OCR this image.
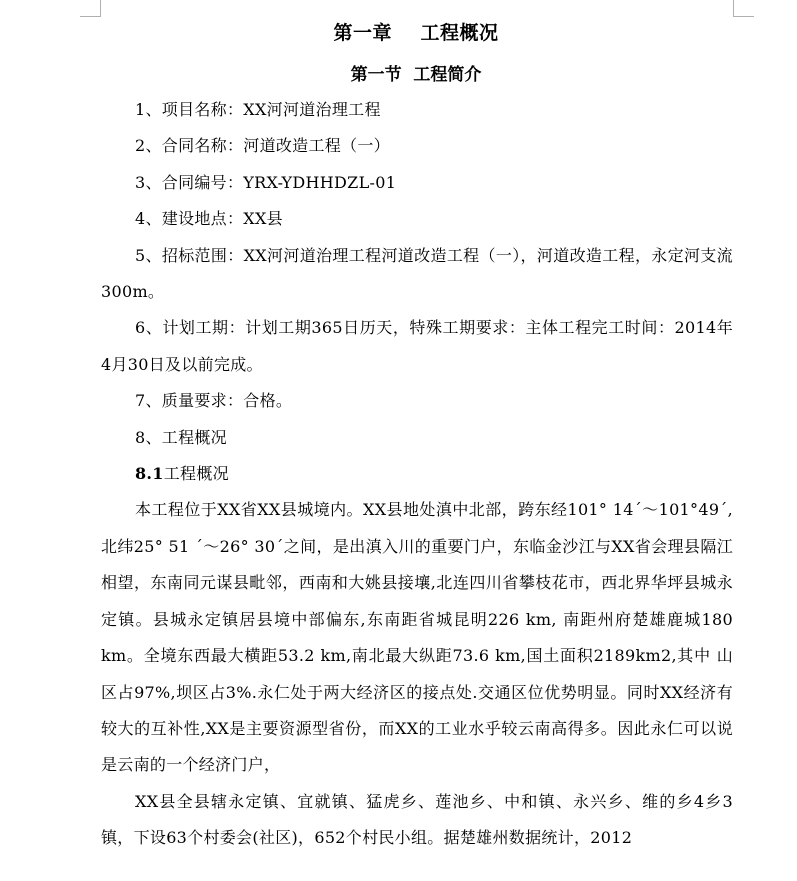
第一章    工程概况
第一节  工程简介

1、项目名称：XX河河道治理工程

2、合同名称：河道改造工程（一）

3、合同编号：YRX-YDHHDZL-01

4、建设地点：XX县

5、招标范围：XX河河道治理工程河道改造工程（一），河道改造工程，永定河支流300m。

6、计划工期：计划工期365日历天，特殊工期要求：主体工程完工时间：2014年4月30日及以前完成。

7、质量要求：合格。

8、工程概况

8.1工程概况

本工程位于XX省XX县城境内。XX县地处滇中北部，跨东经101° 14´～101°49´,北纬25° 51 ´～26° 30´之间，是出滇入川的重要门户，东临金沙江与XX省会理县隔江相望，东南同元谋县毗邻，西南和大姚县接壤,北连四川省攀枝花市，西北界华坪县城永定镇。县城永定镇居县境中部偏东,东南距省城昆明226 km, 南距州府楚雄鹿城180 km。全境东西最大横距53.2 km,南北最大纵距73.6 km,国土面积2189km2,其中 山区占97%,坝区占3%.永仁处于两大经济区的接点处.交通区位优势明显。同时XX经济有较大的互补性,XX是主要资源型省份，而XX的工业水乎较云南高得多。因此永仁可以说是云南的一个经济门户，

XX县全县辖永定镇、宜就镇、猛虎乡、莲池乡、中和镇、永兴乡、维的乡4乡3镇，下设63个村委会(社区)，652个村民小组。据楚雄州数据统计，2012
